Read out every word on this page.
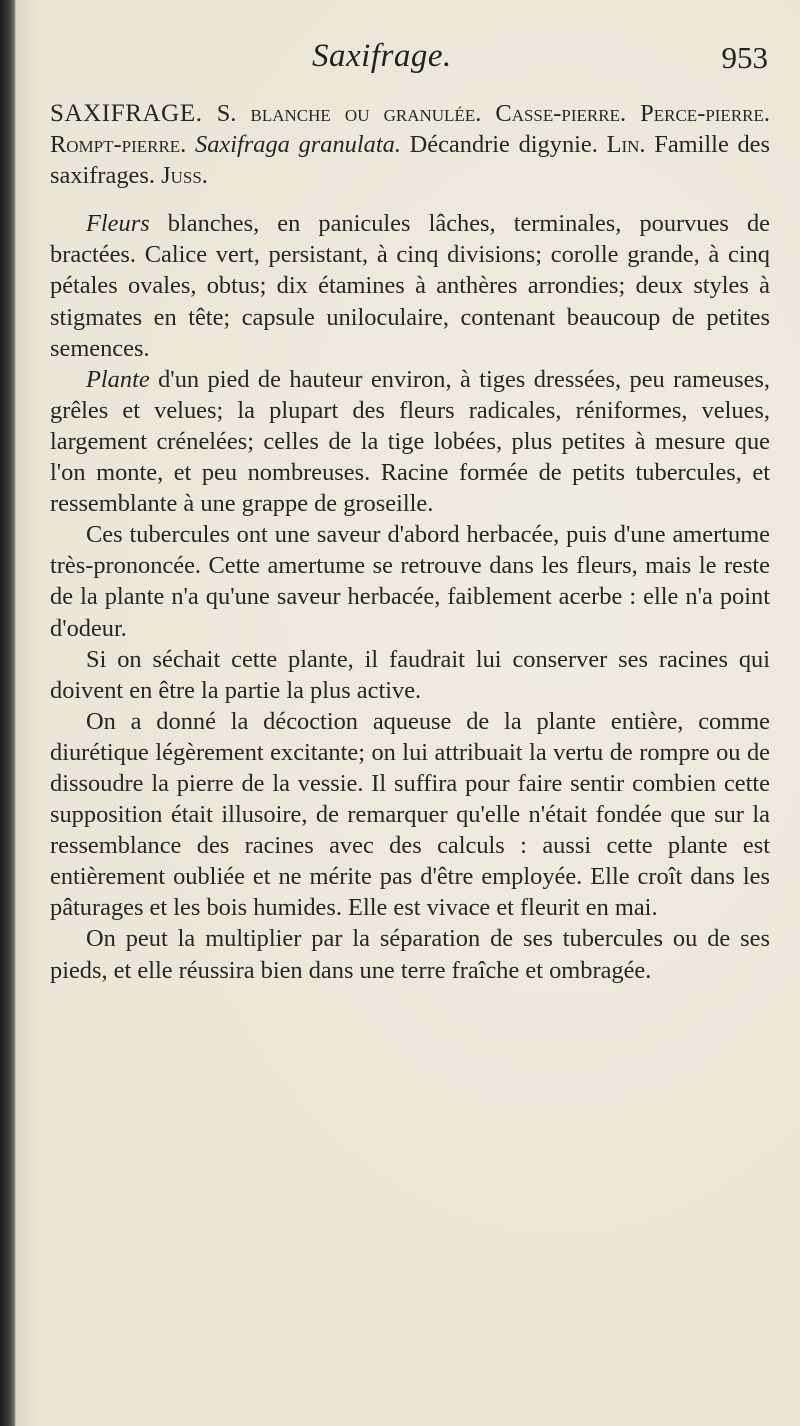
Saxifrage.	953

SAXIFRAGE. S. blanche ou granulée. Casse-pierre. Perce-pierre. Rompt-pierre. Saxifraga granulata. Décandrie digynie. Lin. Famille des saxifrages. Juss.

Fleurs blanches, en panicules lâches, terminales, pourvues de bractées. Calice vert, persistant, à cinq divisions; corolle grande, à cinq pétales ovales, obtus; dix étamines à anthères arrondies; deux styles à stigmates en tête; capsule uniloculaire, contenant beaucoup de petites semences.

Plante d'un pied de hauteur environ, à tiges dressées, peu rameuses, grêles et velues; la plupart des fleurs radicales, réniformes, velues, largement crénelées; celles de la tige lobées, plus petites à mesure que l'on monte, et peu nombreuses. Racine formée de petits tubercules, et ressemblante à une grappe de groseille.

Ces tubercules ont une saveur d'abord herbacée, puis d'une amertume très-prononcée. Cette amertume se retrouve dans les fleurs, mais le reste de la plante n'a qu'une saveur herbacée, faiblement acerbe : elle n'a point d'odeur.

Si on séchait cette plante, il faudrait lui conserver ses racines qui doivent en être la partie la plus active.

On a donné la décoction aqueuse de la plante entière, comme diurétique légèrement excitante; on lui attribuait la vertu de rompre ou de dissoudre la pierre de la vessie. Il suffira pour faire sentir combien cette supposition était illusoire, de remarquer qu'elle n'était fondée que sur la ressemblance des racines avec des calculs : aussi cette plante est entièrement oubliée et ne mérite pas d'être employée. Elle croît dans les pâturages et les bois humides. Elle est vivace et fleurit en mai.

On peut la multiplier par la séparation de ses tubercules ou de ses pieds, et elle réussira bien dans une terre fraîche et ombragée.
